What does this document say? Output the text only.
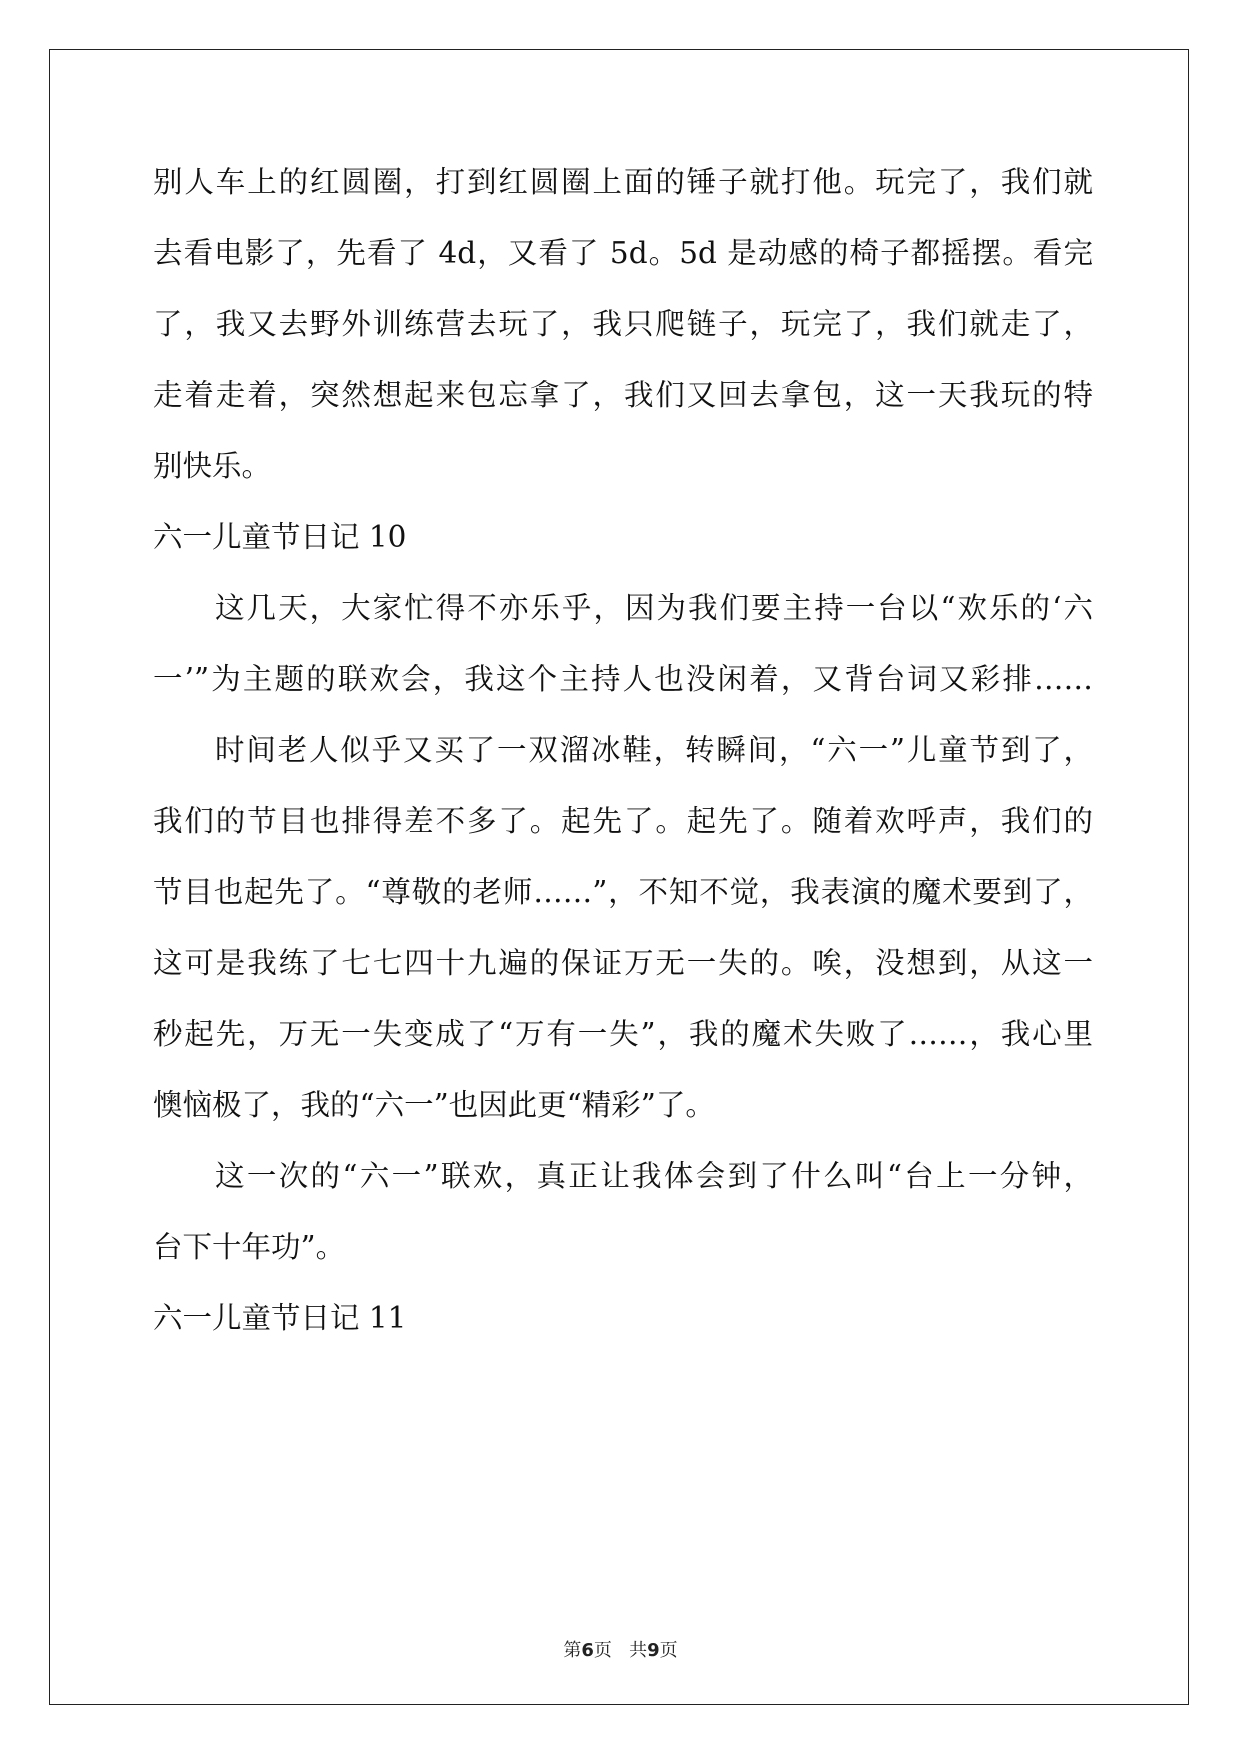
别人车上的红圆圈，打到红圆圈上面的锤子就打他。玩完了，我们就
去看电影了，先看了 4d，又看了 5d。5d 是动感的椅子都摇摆。看完
了，我又去野外训练营去玩了，我只爬链子，玩完了，我们就走了，
走着走着，突然想起来包忘拿了，我们又回去拿包，这一天我玩的特
别快乐。
六一儿童节日记 10
这几天，大家忙得不亦乐乎，因为我们要主持一台以“欢乐的‘六
一’”为主题的联欢会，我这个主持人也没闲着，又背台词又彩排……
时间老人似乎又买了一双溜冰鞋，转瞬间，“六一”儿童节到了，
我们的节目也排得差不多了。起先了。起先了。随着欢呼声，我们的
节目也起先了。“尊敬的老师……”，不知不觉，我表演的魔术要到了，
这可是我练了七七四十九遍的保证万无一失的。唉，没想到，从这一
秒起先，万无一失变成了“万有一失”，我的魔术失败了……，我心里
懊恼极了，我的“六一”也因此更“精彩”了。
这一次的“六一”联欢，真正让我体会到了什么叫“台上一分钟，
台下十年功”。
六一儿童节日记 11
第6页   共9页
